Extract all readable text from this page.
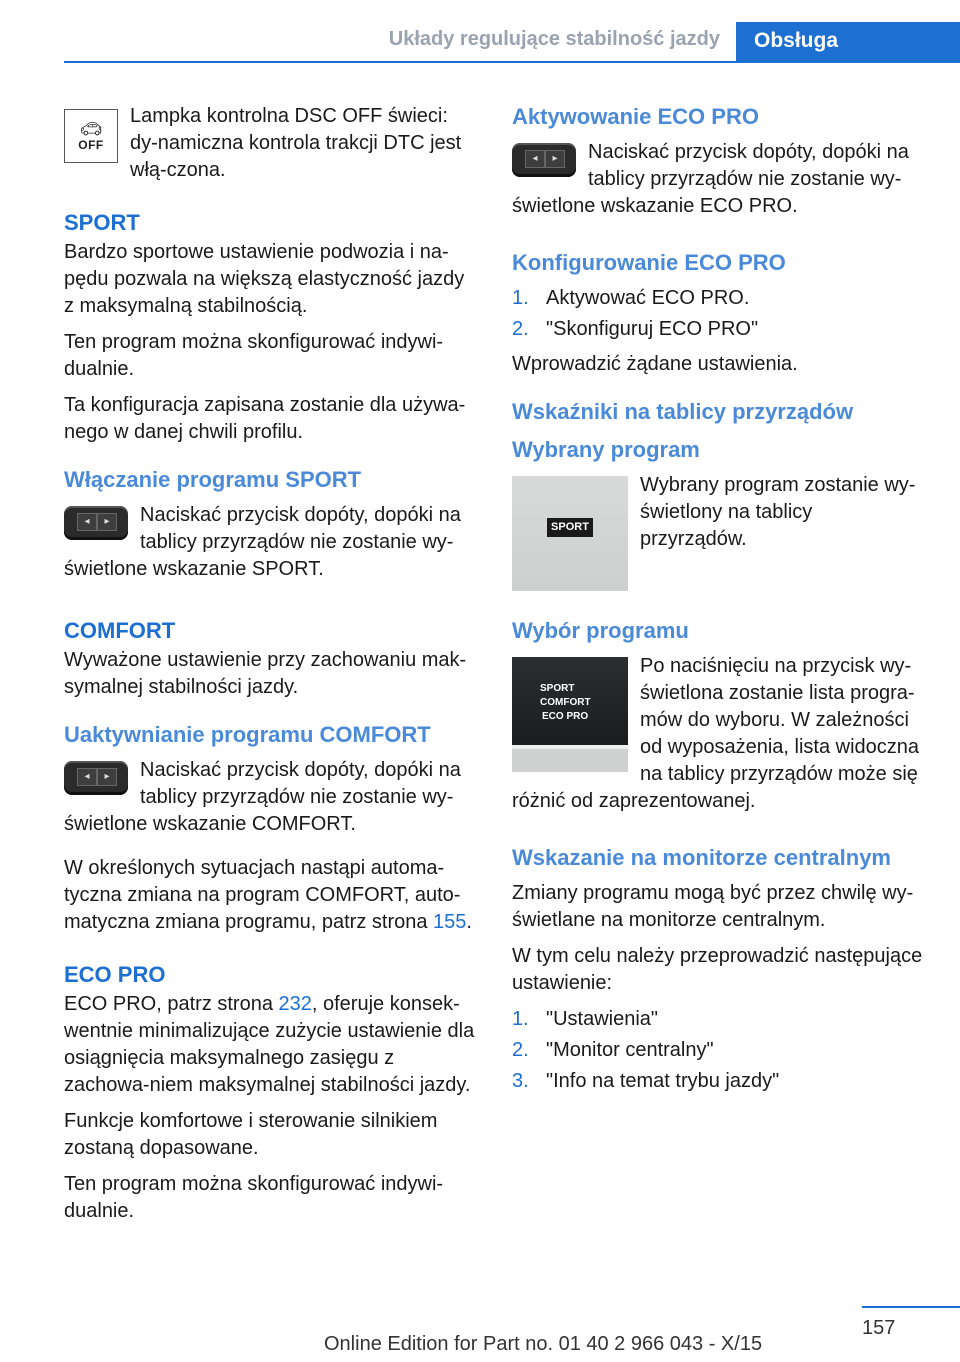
Układy regulujące stabilność jazdy	Obsługa
🚗︎
OFF
Lampka kontrolna DSC OFF świeci: dy‐namiczna kontrola trakcji DTC jest włą‐czona.
SPORT

Bardzo sportowe ustawienie podwozia i na‐pędu pozwala na większą elastyczność jazdy z maksymalną stabilnością.

Ten program można skonfigurować indywi‐dualnie.

Ta konfiguracja zapisana zostanie dla używa‐nego w danej chwili profilu.

Włączanie programu SPORT
◂	▸	Naciskać przycisk dopóty, dopóki na tablicy przyrządów nie zostanie wy‐świetlone wskazanie SPORT.

COMFORT

Wyważone ustawienie przy zachowaniu mak‐symalnej stabilności jazdy.

Uaktywnianie programu COMFORT
◂	▸	Naciskać przycisk dopóty, dopóki na tablicy przyrządów nie zostanie wy‐świetlone wskazanie COMFORT.

W określonych sytuacjach nastąpi automa‐tyczna zmiana na program COMFORT, auto‐matyczna zmiana programu, patrz strona 155.

ECO PRO

ECO PRO, patrz strona 232, oferuje konsek‐wentnie minimalizujące zużycie ustawienie dla osiągnięcia maksymalnego zasięgu z zachowa‐niem maksymalnej stabilności jazdy.

Funkcje komfortowe i sterowanie silnikiem zostaną dopasowane.

Ten program można skonfigurować indywi‐dualnie.

Aktywowanie ECO PRO
◂	▸	Naciskać przycisk dopóty, dopóki na tablicy przyrządów nie zostanie wy‐świetlone wskazanie ECO PRO.

Konfigurowanie ECO PRO
1. Aktywować ECO PRO.
2. "Skonfiguruj ECO PRO"

Wprowadzić żądane ustawienia.

Wskaźniki na tablicy przyrządów
Wybrany program
SPORT

Wybrany program zostanie wy‐świetlony na tablicy przyrządów.

Wybór programu
SPORT
COMFORT
ECO PRO

Po naciśnięciu na przycisk wy‐świetlona zostanie lista progra‐mów do wyboru. W zależności od wyposażenia, lista widoczna na tablicy przyrządów może się różnić od zaprezentowanej.

Wskazanie na monitorze centralnym

Zmiany programu mogą być przez chwilę wy‐świetlane na monitorze centralnym.

W tym celu należy przeprowadzić następujące ustawienie:

1. "Ustawienia"
2. "Monitor centralny"
3. "Info na temat trybu jazdy"
157
Online Edition for Part no. 01 40 2 966 043 - X/15
